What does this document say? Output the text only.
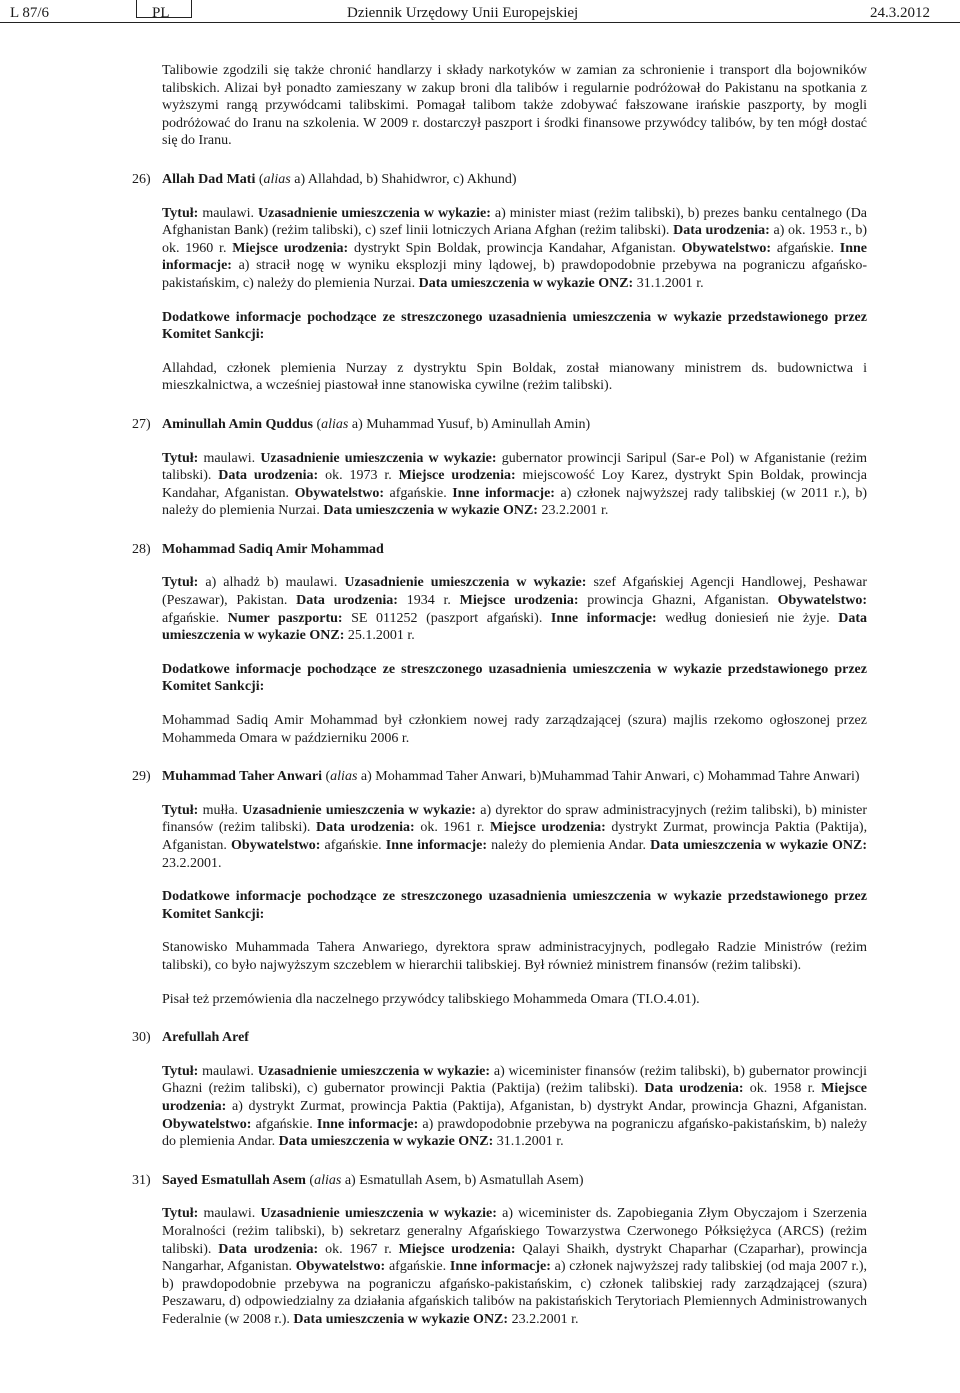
L 87/6	PL	Dziennik Urzędowy Unii Europejskiej	24.3.2012

Talibowie zgodzili się także chronić handlarzy i składy narkotyków w zamian za schronienie i transport dla bojowników talibskich. Alizai był ponadto zamieszany w zakup broni dla talibów i regularnie podróżował do Pakistanu na spotkania z wyższymi rangą przywódcami talibskimi. Pomagał talibom także zdobywać fałszowane irańskie paszporty, by mogli podróżować do Iranu na szkolenia. W 2009 r. dostarczył paszport i środki finansowe przywódcy talibów, by ten mógł dostać się do Iranu.

26) Allah Dad Mati (alias a) Allahdad, b) Shahidwror, c) Akhund)

Tytuł: maulawi. Uzasadnienie umieszczenia w wykazie: a) minister miast (reżim talibski), b) prezes banku centalnego (Da Afghanistan Bank) (reżim talibski), c) szef linii lotniczych Ariana Afghan (reżim talibski). Data urodzenia: a) ok. 1953 r., b) ok. 1960 r. Miejsce urodzenia: dystrykt Spin Boldak, prowincja Kandahar, Afganistan. Obywatelstwo: afgańskie. Inne informacje: a) stracił nogę w wyniku eksplozji miny lądowej, b) prawdopodobnie przebywa na pograniczu afgańsko-pakistańskim, c) należy do plemienia Nurzai. Data umieszczenia w wykazie ONZ: 31.1.2001 r.

Dodatkowe informacje pochodzące ze streszczonego uzasadnienia umieszczenia w wykazie przedstawionego przez Komitet Sankcji:

Allahdad, członek plemienia Nurzay z dystryktu Spin Boldak, został mianowany ministrem ds. budownictwa i mieszkalnictwa, a wcześniej piastował inne stanowiska cywilne (reżim talibski).

27) Aminullah Amin Quddus (alias a) Muhammad Yusuf, b) Aminullah Amin)

Tytuł: maulawi. Uzasadnienie umieszczenia w wykazie: gubernator prowincji Saripul (Sar-e Pol) w Afganistanie (reżim talibski). Data urodzenia: ok. 1973 r. Miejsce urodzenia: miejscowość Loy Karez, dystrykt Spin Boldak, prowincja Kandahar, Afganistan. Obywatelstwo: afgańskie. Inne informacje: a) członek najwyższej rady talibskiej (w 2011 r.), b) należy do plemienia Nurzai. Data umieszczenia w wykazie ONZ: 23.2.2001 r.

28) Mohammad Sadiq Amir Mohammad

Tytuł: a) alhadż b) maulawi. Uzasadnienie umieszczenia w wykazie: szef Afgańskiej Agencji Handlowej, Peshawar (Peszawar), Pakistan. Data urodzenia: 1934 r. Miejsce urodzenia: prowincja Ghazni, Afganistan. Obywatelstwo: afgańskie. Numer paszportu: SE 011252 (paszport afgański). Inne informacje: według doniesień nie żyje. Data umieszczenia w wykazie ONZ: 25.1.2001 r.

Dodatkowe informacje pochodzące ze streszczonego uzasadnienia umieszczenia w wykazie przedstawionego przez Komitet Sankcji:

Mohammad Sadiq Amir Mohammad był członkiem nowej rady zarządzającej (szura) majlis rzekomo ogłoszonej przez Mohammeda Omara w październiku 2006 r.

29) Muhammad Taher Anwari (alias a) Mohammad Taher Anwari, b)Muhammad Tahir Anwari, c) Mohammad Tahre Anwari)

Tytuł: mułła. Uzasadnienie umieszczenia w wykazie: a) dyrektor do spraw administracyjnych (reżim talibski), b) minister finansów (reżim talibski). Data urodzenia: ok. 1961 r. Miejsce urodzenia: dystrykt Zurmat, prowincja Paktia (Paktija), Afganistan. Obywatelstwo: afgańskie. Inne informacje: należy do plemienia Andar. Data umieszczenia w wykazie ONZ: 23.2.2001.

Dodatkowe informacje pochodzące ze streszczonego uzasadnienia umieszczenia w wykazie przedstawionego przez Komitet Sankcji:

Stanowisko Muhammada Tahera Anwariego, dyrektora spraw administracyjnych, podlegało Radzie Ministrów (reżim talibski), co było najwyższym szczeblem w hierarchii talibskiej. Był również ministrem finansów (reżim talibski).

Pisał też przemówienia dla naczelnego przywódcy talibskiego Mohammeda Omara (TI.O.4.01).

30) Arefullah Aref

Tytuł: maulawi. Uzasadnienie umieszczenia w wykazie: a) wiceminister finansów (reżim talibski), b) gubernator prowincji Ghazni (reżim talibski), c) gubernator prowincji Paktia (Paktija) (reżim talibski). Data urodzenia: ok. 1958 r. Miejsce urodzenia: a) dystrykt Zurmat, prowincja Paktia (Paktija), Afganistan, b) dystrykt Andar, prowincja Ghazni, Afganistan. Obywatelstwo: afgańskie. Inne informacje: a) prawdopodobnie przebywa na pograniczu afgańsko-pakistańskim, b) należy do plemienia Andar. Data umieszczenia w wykazie ONZ: 31.1.2001 r.

31) Sayed Esmatullah Asem (alias a) Esmatullah Asem, b) Asmatullah Asem)

Tytuł: maulawi. Uzasadnienie umieszczenia w wykazie: a) wiceminister ds. Zapobiegania Złym Obyczajom i Szerzenia Moralności (reżim talibski), b) sekretarz generalny Afgańskiego Towarzystwa Czerwonego Półksiężyca (ARCS) (reżim talibski). Data urodzenia: ok. 1967 r. Miejsce urodzenia: Qalayi Shaikh, dystrykt Chaparhar (Czaparhar), prowincja Nangarhar, Afganistan. Obywatelstwo: afgańskie. Inne informacje: a) członek najwyższej rady talibskiej (od maja 2007 r.), b) prawdopodobnie przebywa na pograniczu afgańsko-pakistańskim, c) członek talibskiej rady zarządzającej (szura) Peszawaru, d) odpowiedzialny za działania afgańskich talibów na pakistańskich Terytoriach Plemiennych Administrowanych Federalnie (w 2008 r.). Data umieszczenia w wykazie ONZ: 23.2.2001 r.
